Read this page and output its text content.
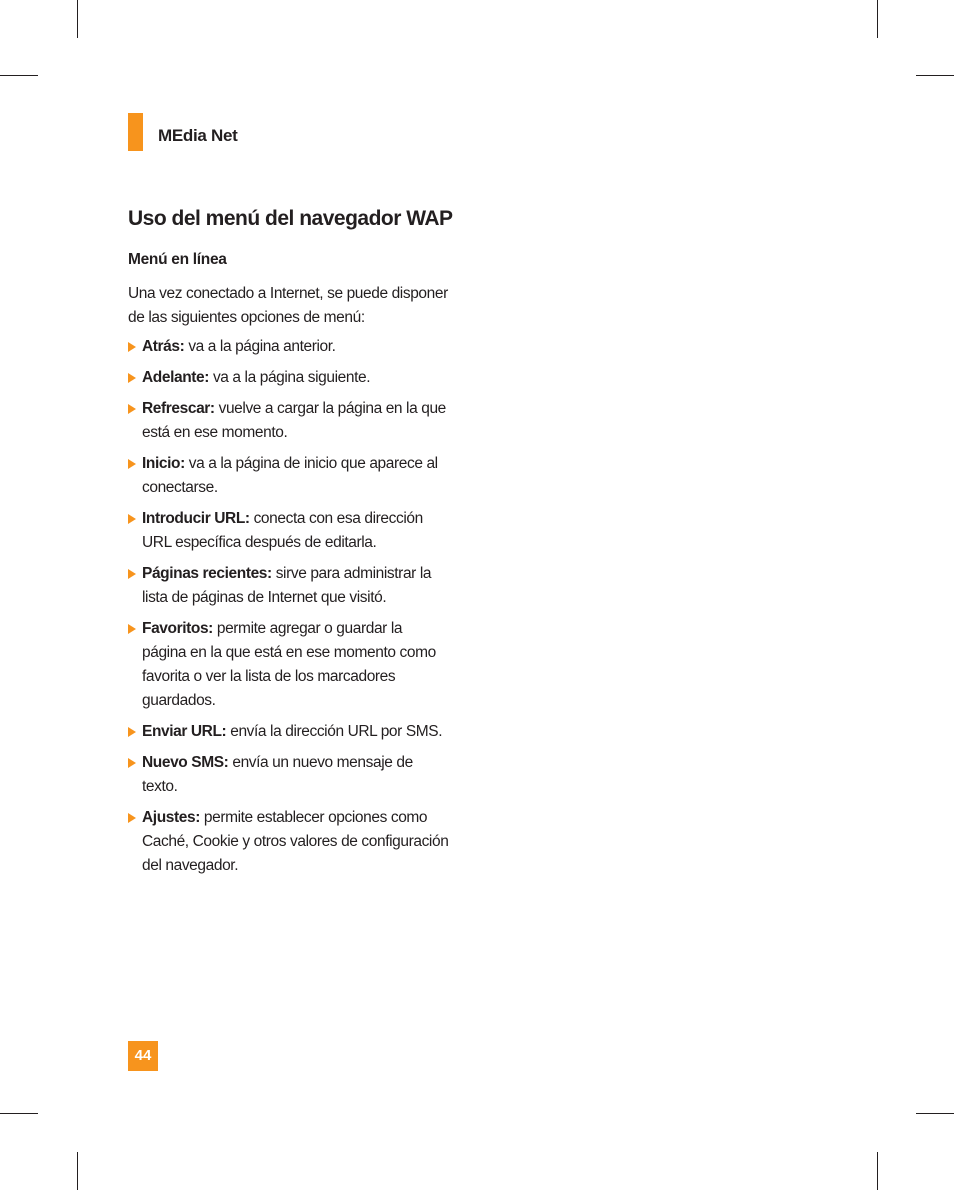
MEdia Net
Uso del menú del navegador WAP
Menú en línea
Una vez conectado a Internet, se puede disponer de las siguientes opciones de menú:
Atrás: va a la página anterior.
Adelante: va a la página siguiente.
Refrescar: vuelve a cargar la página en la que está en ese momento.
Inicio: va a la página de inicio que aparece al conectarse.
Introducir URL: conecta con esa dirección URL específica después de editarla.
Páginas recientes: sirve para administrar la lista de páginas de Internet que visitó.
Favoritos: permite agregar o guardar la página en la que está en ese momento como favorita o ver la lista de los marcadores guardados.
Enviar URL: envía la dirección URL por SMS.
Nuevo SMS: envía un nuevo mensaje de texto.
Ajustes: permite establecer opciones como Caché, Cookie y otros valores de configuración del navegador.
44
